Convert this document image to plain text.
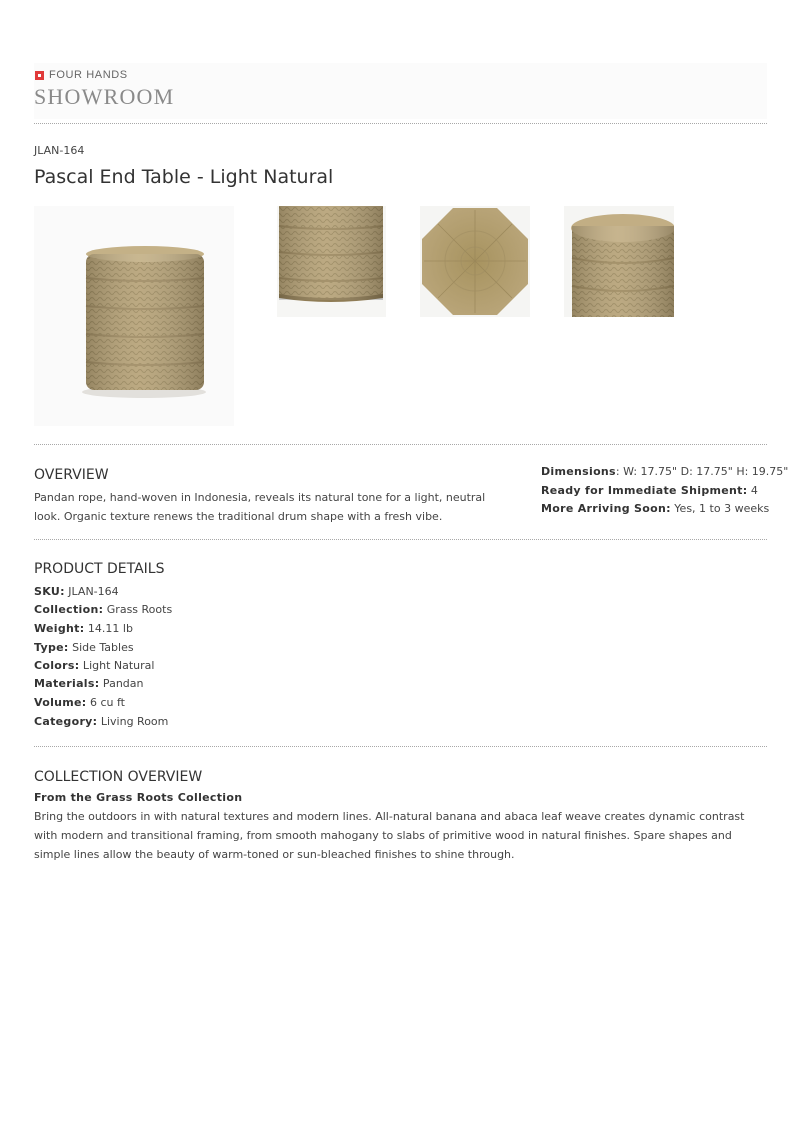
FOUR HANDS
SHOWROOM
JLAN-164
Pascal End Table - Light Natural
OVERVIEW

Pandan rope, hand-woven in Indonesia, reveals its natural tone for a light, neutral look. Organic texture renews the traditional drum shape with a fresh vibe.

Dimensions: W: 17.75" D: 17.75" H: 19.75"
Ready for Immediate Shipment: 4
More Arriving Soon: Yes, 1 to 3 weeks
PRODUCT DETAILS
SKU: JLAN-164
Collection: Grass Roots
Weight: 14.11 lb
Type: Side Tables
Colors: Light Natural
Materials: Pandan
Volume: 6 cu ft
Category: Living Room
COLLECTION OVERVIEW
From the Grass Roots Collection

Bring the outdoors in with natural textures and modern lines. All-natural banana and abaca leaf weave creates dynamic contrast with modern and transitional framing, from smooth mahogany to slabs of primitive wood in natural finishes. Spare shapes and simple lines allow the beauty of warm-toned or sun-bleached finishes to shine through.
